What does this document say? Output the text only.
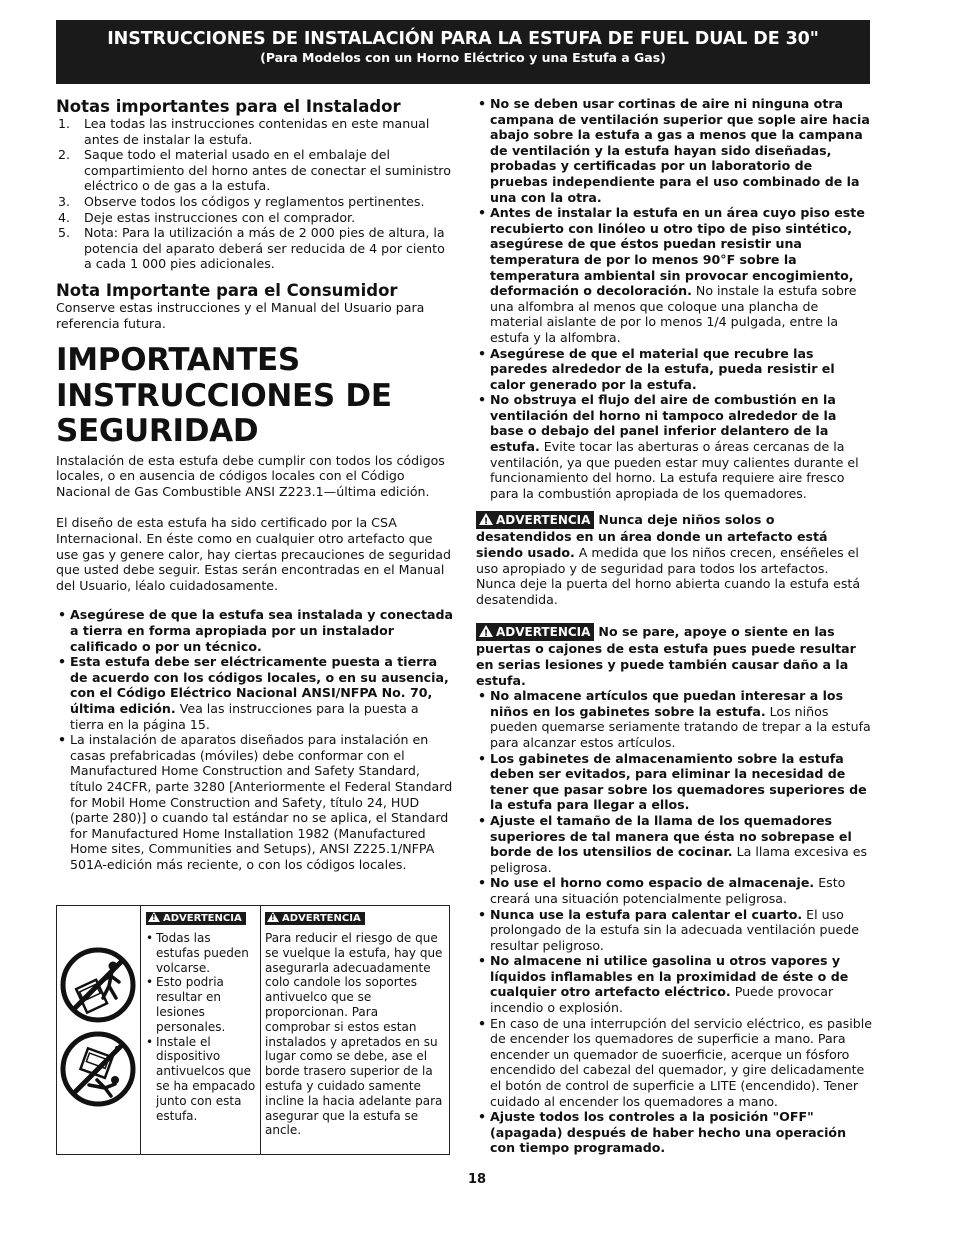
INSTRUCCIONES DE INSTALACIÓN PARA LA ESTUFA DE FUEL DUAL DE 30"
(Para Modelos con un Horno Eléctrico y una Estufa a Gas)
Notas importantes para el Instalador
1. Lea todas las instrucciones contenidas en este manual antes de instalar la estufa.
2. Saque todo el material usado en el embalaje del compartimiento del horno antes de conectar el suministro eléctrico o de gas a la estufa.
3. Observe todos los códigos y reglamentos pertinentes.
4. Deje estas instrucciones con el comprador.
5. Nota: Para la utilización a más de 2 000 pies de altura, la potencia del aparato deberá ser reducida de 4 por ciento a cada 1 000 pies adicionales.
Nota Importante para el Consumidor

Conserve estas instrucciones y el Manual del Usuario para referencia futura.

IMPORTANTES
INSTRUCCIONES DE
SEGURIDAD

Instalación de esta estufa debe cumplir con todos los códigos locales, o en ausencia de códigos locales con el Código Nacional de Gas Combustible ANSI Z223.1—última edición.

El diseño de esta estufa ha sido certificado por la CSA Internacional. En éste como en cualquier otro artefacto que use gas y genere calor, hay ciertas precauciones de seguridad que usted debe seguir. Estas serán encontradas en el Manual del Usuario, léalo cuidadosamente.

• Asegúrese de que la estufa sea instalada y conectada a tierra en forma apropiada por un instalador calificado o por un técnico.
• Esta estufa debe ser eléctricamente puesta a tierra de acuerdo con los códigos locales, o en su ausencia, con el Código Eléctrico Nacional ANSI/NFPA No. 70, última edición. Vea las instrucciones para la puesta a tierra en la página 15.
• La instalación de aparatos diseñados para instalación en casas prefabricadas (móviles) debe conformar con el Manufactured Home Construction and Safety Standard, título 24CFR, parte 3280 [Anteriormente el Federal Standard for Mobil Home Construction and Safety, título 24, HUD (parte 280)] o cuando tal estándar no se aplica, el Standard for Manufactured Home Installation 1982 (Manufactured Home sites, Communities and Setups), ANSI Z225.1/NFPA 501A-edición más reciente, o con los códigos locales.
!ADVERTENCIA
• Todas las estufas pueden volcarse.
• Esto podria resultar en lesiones personales.
• Instale el dispositivo antivuelcos que se ha empacado junto con esta estufa.
!ADVERTENCIA

Para reducir el riesgo de que se vuelque la estufa, hay que asegurarla adecuadamente colo candole los soportes antivuelco que se proporcionan. Para comprobar si estos estan instalados y apretados en su lugar como se debe, ase el borde trasero superior de la estufa y cuidado samente incline la hacia adelante para asegurar que la estufa se ancle.

• No se deben usar cortinas de aire ni ninguna otra campana de ventilación superior que sople aire hacia abajo sobre la estufa a gas a menos que la campana de ventilación y la estufa hayan sido diseñadas, probadas y certificadas por un laboratorio de pruebas independiente para el uso combinado de la una con la otra.
• Antes de instalar la estufa en un área cuyo piso este recubierto con linóleo u otro tipo de piso sintético, asegúrese de que éstos puedan resistir una temperatura de por lo menos 90°F sobre la temperatura ambiental sin provocar encogimiento, deformación o decoloración. No instale la estufa sobre una alfombra al menos que coloque una plancha de material aislante de por lo menos 1/4 pulgada, entre la estufa y la alfombra.
• Asegúrese de que el material que recubre las paredes alrededor de la estufa, pueda resistir el calor generado por la estufa.
• No obstruya el flujo del aire de combustión en la ventilación del horno ni tampoco alrededor de la base o debajo del panel inferior delantero de la estufa. Evite tocar las aberturas o áreas cercanas de la ventilación, ya que pueden estar muy calientes durante el funcionamiento del horno. La estufa requiere aire fresco para la combustión apropiada de los quemadores.

!ADVERTENCIA Nunca deje niños solos o desatendidos en un área donde un artefacto está siendo usado. A medida que los niños crecen, enséñeles el uso apropiado y de seguridad para todos los artefactos. Nunca deje la puerta del horno abierta cuando la estufa está desatendida.

!ADVERTENCIA No se pare, apoye o siente en las puertas o cajones de esta estufa pues puede resultar en serias lesiones y puede también causar daño a la estufa.

• No almacene artículos que puedan interesar a los niños en los gabinetes sobre la estufa. Los niños pueden quemarse seriamente tratando de trepar a la estufa para alcanzar estos artículos.
• Los gabinetes de almacenamiento sobre la estufa deben ser evitados, para eliminar la necesidad de tener que pasar sobre los quemadores superiores de la estufa para llegar a ellos.
• Ajuste el tamaño de la llama de los quemadores superiores de tal manera que ésta no sobrepase el borde de los utensilios de cocinar. La llama excesiva es peligrosa.
• No use el horno como espacio de almacenaje. Esto creará una situación potencialmente peligrosa.
• Nunca use la estufa para calentar el cuarto. El uso prolongado de la estufa sin la adecuada ventilación puede resultar peligroso.
• No almacene ni utilice gasolina u otros vapores y líquidos inflamables en la proximidad de éste o de cualquier otro artefacto eléctrico. Puede provocar incendio o explosión.
• En caso de una interrupción del servicio eléctrico, es pasible de encender los quemadores de superficie a mano. Para encender un quemador de suoerficie, acerque un fósforo encendido del cabezal del quemador, y gire delicadamente el botón de control de superficie a LITE (encendido). Tener cuidado al encender los quemadores a mano.
• Ajuste todos los controles a la posición "OFF" (apagada) después de haber hecho una operación con tiempo programado.
18
